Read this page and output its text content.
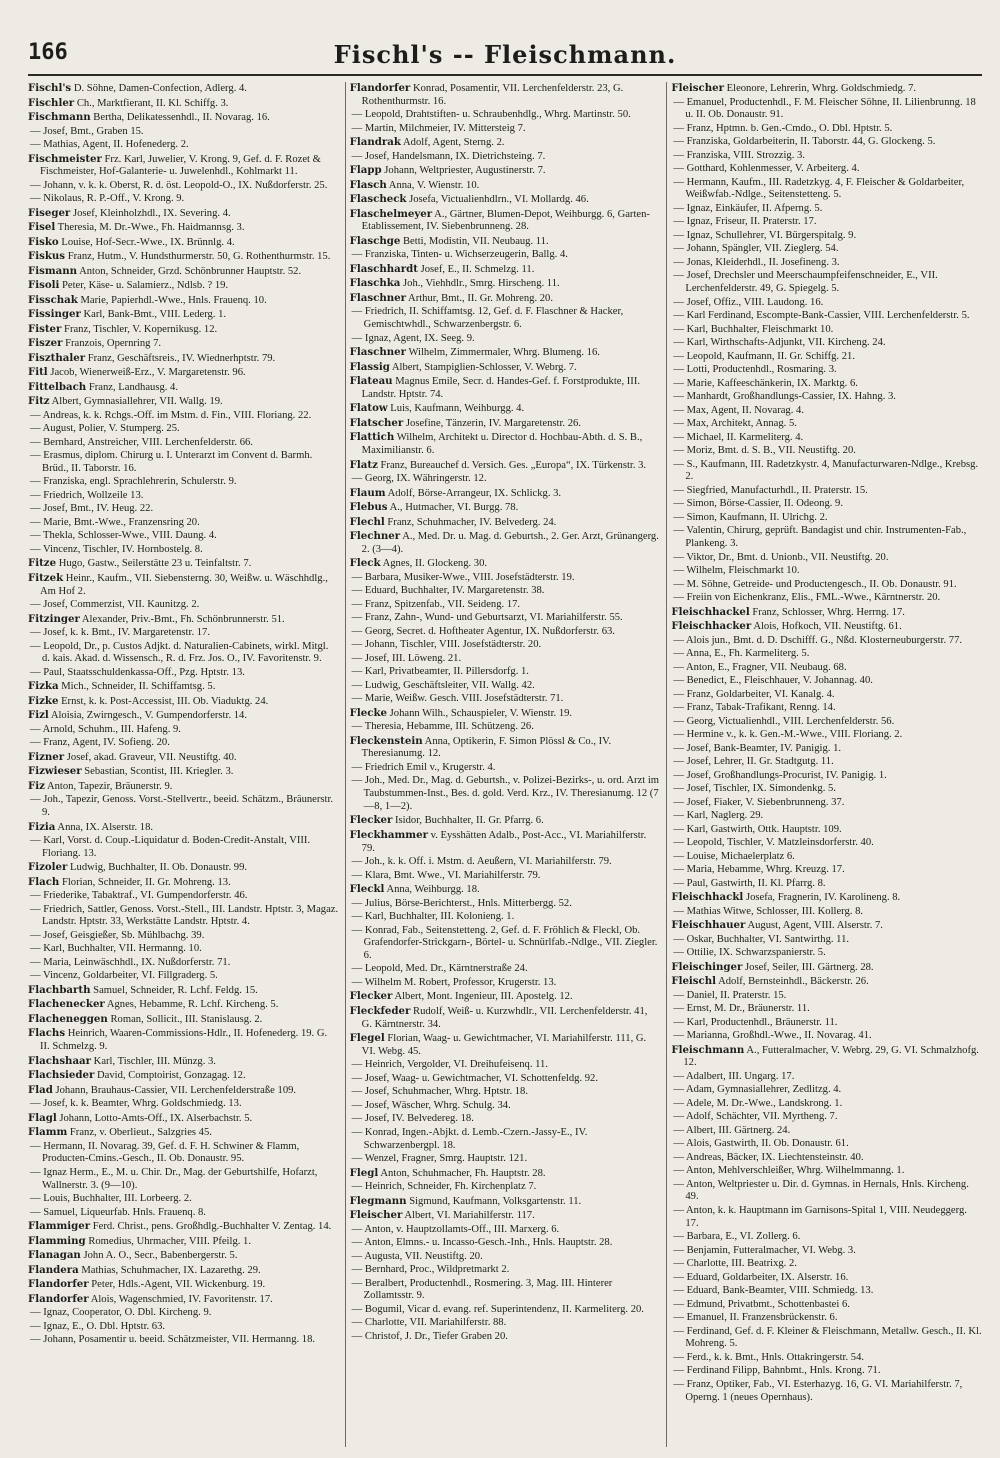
166	Fischl's -- Fleischmann.

Fischl's D. Söhne, Damen-Confection, Adlerg. 4.

Fischler Ch., Marktfierant, II. Kl. Schiffg. 3.

Fischmann Bertha, Delikatessenhdl., II. Novarag. 16.

— Josef, Bmt., Graben 15.

— Mathias, Agent, II. Hofenederg. 2.

Fischmeister Frz. Karl, Juwelier, V. Krong. 9, Gef. d. F. Rozet & Fischmeister, Hof-Galanterie- u. Juwelenhdl., Kohlmarkt 11.

— Johann, v. k. k. Oberst, R. d. öst. Leopold-O., IX. Nußdorferstr. 25.

— Nikolaus, R. P.-Off., V. Krong. 9.

Fiseger Josef, Kleinholzhdl., IX. Severing. 4.

Fisel Theresia, M. Dr.-Wwe., Fh. Haidmannsg. 3.

Fisko Louise, Hof-Secr.-Wwe., IX. Brünnlg. 4.

Fiskus Franz, Hutm., V. Hundsthurmerstr. 50, G. Rothenthurmstr. 15.

Fismann Anton, Schneider, Grzd. Schönbrunner Hauptstr. 52.

Fisoli Peter, Käse- u. Salamierz., Ndlsb. ? 19.

Fisschak Marie, Papierhdl.-Wwe., Hnls. Frauenq. 10.

Fissinger Karl, Bank-Bmt., VIII. Lederg. 1.

Fister Franz, Tischler, V. Kopernikusg. 12.

Fiszer Franzois, Opernring 7.

Fiszthaler Franz, Geschäftsreis., IV. Wiednerhptstr. 79.

Fitl Jacob, Wienerweiß-Erz., V. Margaretenstr. 96.

Fittelbach Franz, Landhausg. 4.

Fitz Albert, Gymnasiallehrer, VII. Wallg. 19.

— Andreas, k. k. Rchgs.-Off. im Mstm. d. Fin., VIII. Floriang. 22.

— August, Polier, V. Stumperg. 25.

— Bernhard, Anstreicher, VIII. Lerchenfelderstr. 66.

— Erasmus, diplom. Chirurg u. I. Unterarzt im Convent d. Barmh. Brüd., II. Taborstr. 16.

— Franziska, engl. Sprachlehrerin, Schulerstr. 9.

— Friedrich, Wollzeile 13.

— Josef, Bmt., IV. Heug. 22.

— Marie, Bmt.-Wwe., Franzensring 20.

— Thekla, Schlosser-Wwe., VIII. Daung. 4.

— Vincenz, Tischler, IV. Hornbostelg. 8.

Fitze Hugo, Gastw., Seilerstätte 23 u. Teinfaltstr. 7.

Fitzek Heinr., Kaufm., VII. Siebensterng. 30, Weißw. u. Wäschhdlg., Am Hof 2.

— Josef, Commerzist, VII. Kaunitzg. 2.

Fitzinger Alexander, Priv.-Bmt., Fh. Schönbrunnerstr. 51.

— Josef, k. k. Bmt., IV. Margaretenstr. 17.

— Leopold, Dr., p. Custos Adjkt. d. Naturalien-Cabinets, wirkl. Mitgl. d. kais. Akad. d. Wissensch., R. d. Frz. Jos. O., IV. Favoritenstr. 9.

— Paul, Staatsschuldenkassa-Off., Pzg. Hptstr. 13.

Fizka Mich., Schneider, II. Schiffamtsg. 5.

Fizke Ernst, k. k. Post-Accessist, III. Ob. Viaduktg. 24.

Fizl Aloisia, Zwirngesch., V. Gumpendorferstr. 14.

— Arnold, Schuhm., III. Hafeng. 9.

— Franz, Agent, IV. Sofieng. 20.

Fizner Josef, akad. Graveur, VII. Neustiftg. 40.

Fizwieser Sebastian, Scontist, III. Kriegler. 3.

Fiz Anton, Tapezir, Bräunerstr. 9.

— Joh., Tapezir, Genoss. Vorst.-Stellvertr., beeid. Schätzm., Bräunerstr. 9.

Fizia Anna, IX. Alserstr. 18.

— Karl, Vorst. d. Coup.-Liquidatur d. Boden-Credit-Anstalt, VIII. Floriang. 13.

Fizoler Ludwig, Buchhalter, II. Ob. Donaustr. 99.

Flach Florian, Schneider, II. Gr. Mohreng. 13.

— Friederike, Tabaktraf., VI. Gumpendorferstr. 46.

— Friedrich, Sattler, Genoss. Vorst.-Stell., III. Landstr. Hptstr. 3, Magaz. Landstr. Hptstr. 33, Werkstätte Landstr. Hptstr. 4.

— Josef, Geisgießer, Sb. Mühlbachg. 39.

— Karl, Buchhalter, VII. Hermanng. 10.

— Maria, Leinwäschhdl., IX. Nußdorferstr. 71.

— Vincenz, Goldarbeiter, VI. Fillgraderg. 5.

Flachbarth Samuel, Schneider, R. Lchf. Feldg. 15.

Flachenecker Agnes, Hebamme, R. Lchf. Kircheng. 5.

Flacheneggen Roman, Sollicit., III. Stanislausg. 2.

Flachs Heinrich, Waaren-Commissions-Hdlr., II. Hofenederg. 19. G. II. Schmelzg. 9.

Flachshaar Karl, Tischler, III. Münzg. 3.

Flachsieder David, Comptoirist, Gonzagag. 12.

Flad Johann, Brauhaus-Cassier, VII. Lerchenfelderstraße 109.

— Josef, k. k. Beamter, Whrg. Goldschmiedg. 13.

Flagl Johann, Lotto-Amts-Off., IX. Alserbachstr. 5.

Flamm Franz, v. Oberlieut., Salzgries 45.

— Hermann, II. Novarag. 39, Gef. d. F. H. Schwiner & Flamm, Producten-Cmins.-Gesch., II. Ob. Donaustr. 95.

— Ignaz Herm., E., M. u. Chir. Dr., Mag. der Geburtshilfe, Hofarzt, Wallnerstr. 3. (9—10).

— Louis, Buchhalter, III. Lorbeerg. 2.

— Samuel, Liqueurfab. Hnls. Frauenq. 8.

Flammiger Ferd. Christ., pens. Großhdlg.-Buchhalter V. Zentag. 14.

Flamming Romedius, Uhrmacher, VIII. Pfeilg. 1.

Flanagan John A. O., Secr., Babenbergerstr. 5.

Flandera Mathias, Schuhmacher, IX. Lazarethg. 29.

Flandorfer Peter, Hdls.-Agent, VII. Wickenburg. 19.

Flandorfer Alois, Wagenschmied, IV. Favoritenstr. 17.

— Ignaz, Cooperator, O. Dbl. Kircheng. 9.

— Ignaz, E., O. Dbl. Hptstr. 63.

— Johann, Posamentir u. beeid. Schätzmeister, VII. Hermanng. 18.

Flandorfer Konrad, Posamentir, VII. Lerchenfelderstr. 23, G. Rothenthurmstr. 16.

— Leopold, Drahtstiften- u. Schraubenhdlg., Whrg. Martinstr. 50.

— Martin, Milchmeier, IV. Mittersteig 7.

Flandrak Adolf, Agent, Sterng. 2.

— Josef, Handelsmann, IX. Dietrichsteing. 7.

Flapp Johann, Weltpriester, Augustinerstr. 7.

Flasch Anna, V. Wienstr. 10.

Flascheck Josefa, Victualienhdlrn., VI. Mollardg. 46.

Flaschelmeyer A., Gärtner, Blumen-Depot, Weihburgg. 6, Garten-Etablissement, IV. Siebenbrunneng. 28.

Flaschge Betti, Modistin, VII. Neubaug. 11.

— Franziska, Tinten- u. Wichserzeugerin, Ballg. 4.

Flaschhardt Josef, E., II. Schmelzg. 11.

Flaschka Joh., Viehhdlr., Smrg. Hirscheng. 11.

Flaschner Arthur, Bmt., II. Gr. Mohreng. 20.

— Friedrich, II. Schiffamtsg. 12, Gef. d. F. Flaschner & Hacker, Gemischtwhdl., Schwarzenbergstr. 6.

— Ignaz, Agent, IX. Seeg. 9.

Flaschner Wilhelm, Zimmermaler, Whrg. Blumeng. 16.

Flassig Albert, Stampiglien-Schlosser, V. Webrg. 7.

Flateau Magnus Emile, Secr. d. Handes-Gef. f. Forstprodukte, III. Landstr. Hptstr. 74.

Flatow Luis, Kaufmann, Weihburgg. 4.

Flatscher Josefine, Tänzerin, IV. Margaretenstr. 26.

Flattich Wilhelm, Architekt u. Director d. Hochbau-Abth. d. S. B., Maximilianstr. 6.

Flatz Franz, Bureauchef d. Versich. Ges. „Europa“, IX. Türkenstr. 3.

— Georg, IX. Währingerstr. 12.

Flaum Adolf, Börse-Arrangeur, IX. Schlickg. 3.

Flebus A., Hutmacher, VI. Burgg. 78.

Flechl Franz, Schuhmacher, IV. Belvederg. 24.

Flechner A., Med. Dr. u. Mag. d. Geburtsh., 2. Ger. Arzt, Grünangerg. 2. (3—4).

Fleck Agnes, II. Glockeng. 30.

— Barbara, Musiker-Wwe., VIII. Josefstädterstr. 19.

— Eduard, Buchhalter, IV. Margaretenstr. 38.

— Franz, Spitzenfab., VII. Seideng. 17.

— Franz, Zahn-, Wund- und Geburtsarzt, VI. Mariahilferstr. 55.

— Georg, Secret. d. Hoftheater Agentur, IX. Nußdorferstr. 63.

— Johann, Tischler, VIII. Josefstädterstr. 20.

— Josef, III. Löweng. 21.

— Karl, Privatbeamter, II. Pillersdorfg. 1.

— Ludwig, Geschäftsleiter, VII. Wallg. 42.

— Marie, Weißw. Gesch. VIII. Josefstädterstr. 71.

Flecke Johann Wilh., Schauspieler, V. Wienstr. 19.

— Theresia, Hebamme, III. Schützeng. 26.

Fleckenstein Anna, Optikerin, F. Simon Plössl & Co., IV. Theresianumg. 12.

— Friedrich Emil v., Krugerstr. 4.

— Joh., Med. Dr., Mag. d. Geburtsh., v. Polizei-Bezirks-, u. ord. Arzt im Taubstummen-Inst., Bes. d. gold. Verd. Krz., IV. Theresianumg. 12 (7—8, 1—2).

Flecker Isidor, Buchhalter, II. Gr. Pfarrg. 6.

Fleckhammer v. Eysshätten Adalb., Post-Acc., VI. Mariahilferstr. 79.

— Joh., k. k. Off. i. Mstm. d. Aeußern, VI. Mariahilferstr. 79.

— Klara, Bmt. Wwe., VI. Mariahilferstr. 79.

Fleckl Anna, Weihburgg. 18.

— Julius, Börse-Berichterst., Hnls. Mitterbergg. 52.

— Karl, Buchhalter, III. Kolonieng. 1.

— Konrad, Fab., Seitenstetteng. 2, Gef. d. F. Fröhlich & Fleckl, Ob. Grafendorfer-Strickgarn-, Börtel- u. Schnürlfab.-Ndlge., VII. Ziegler. 6.

— Leopold, Med. Dr., Kärntnerstraße 24.

— Wilhelm M. Robert, Professor, Krugerstr. 13.

Flecker Albert, Mont. Ingenieur, III. Apostelg. 12.

Fleckfeder Rudolf, Weiß- u. Kurzwhdlr., VII. Lerchenfelderstr. 41, G. Kärntnerstr. 34.

Flegel Florian, Waag- u. Gewichtmacher, VI. Mariahilferstr. 111, G. VI. Webg. 45.

— Heinrich, Vergolder, VI. Dreihufeisenq. 11.

— Josef, Waag- u. Gewichtmacher, VI. Schottenfeldg. 92.

— Josef, Schuhmacher, Whrg. Hptstr. 18.

— Josef, Wäscher, Whrg. Schulg. 34.

— Josef, IV. Belvedereg. 18.

— Konrad, Ingen.-Abjkt. d. Lemb.-Czern.-Jassy-E., IV. Schwarzenbergpl. 18.

— Wenzel, Fragner, Smrg. Hauptstr. 121.

Flegl Anton, Schuhmacher, Fh. Hauptstr. 28.

— Heinrich, Schneider, Fh. Kirchenplatz 7.

Flegmann Sigmund, Kaufmann, Volksgartenstr. 11.

Fleischer Albert, VI. Mariahilferstr. 117.

— Anton, v. Hauptzollamts-Off., III. Marxerg. 6.

— Anton, Elmns.- u. Incasso-Gesch.-Inh., Hnls. Hauptstr. 28.

— Augusta, VII. Neustiftg. 20.

— Bernhard, Proc., Wildpretmarkt 2.

— Beralbert, Productenhdl., Rosmering. 3, Mag. III. Hinterer Zollamtsstr. 9.

— Bogumil, Vicar d. evang. ref. Superintendenz, II. Karmeliterg. 20.

— Charlotte, VII. Mariahilferstr. 88.

— Christof, J. Dr., Tiefer Graben 20.

Fleischer Eleonore, Lehrerin, Whrg. Goldschmiedg. 7.

— Emanuel, Productenhdl., F. M. Fleischer Söhne, II. Lilienbrunng. 18 u. II. Ob. Donaustr. 91.

— Franz, Hptmn. b. Gen.-Cmdo., O. Dbl. Hptstr. 5.

— Franziska, Goldarbeiterin, II. Taborstr. 44, G. Glockeng. 5.

— Franziska, VIII. Strozzig. 3.

— Gotthard, Kohlenmesser, V. Arbeiterg. 4.

— Hermann, Kaufm., III. Radetzkyg. 4, F. Fleischer & Goldarbeiter, Weißwfab.-Ndlge., Seitenstetteng. 5.

— Ignaz, Einkäufer, II. Afperng. 5.

— Ignaz, Friseur, II. Praterstr. 17.

— Ignaz, Schullehrer, VI. Bürgerspitalg. 9.

— Johann, Spängler, VII. Zieglerg. 54.

— Jonas, Kleiderhdl., II. Josefineng. 3.

— Josef, Drechsler und Meerschaumpfeifenschneider, E., VII. Lerchenfelderstr. 49, G. Spiegelg. 5.

— Josef, Offiz., VIII. Laudong. 16.

— Karl Ferdinand, Escompte-Bank-Cassier, VIII. Lerchenfelderstr. 5.

— Karl, Buchhalter, Fleischmarkt 10.

— Karl, Wirthschafts-Adjunkt, VII. Kircheng. 24.

— Leopold, Kaufmann, II. Gr. Schiffg. 21.

— Lotti, Productenhdl., Rosmaring. 3.

— Marie, Kaffeeschänkerin, IX. Marktg. 6.

— Manhardt, Großhandlungs-Cassier, IX. Hahng. 3.

— Max, Agent, II. Novarag. 4.

— Max, Architekt, Annag. 5.

— Michael, II. Karmeliterg. 4.

— Moriz, Bmt. d. S. B., VII. Neustiftg. 20.

— S., Kaufmann, III. Radetzkystr. 4, Manufacturwaren-Ndlge., Krebsg. 2.

— Siegfried, Manufacturhdl., II. Praterstr. 15.

— Simon, Börse-Cassier, II. Odeong. 9.

— Simon, Kaufmann, II. Ulrichg. 2.

— Valentin, Chirurg, geprüft. Bandagist und chir. Instrumenten-Fab., Plankeng. 3.

— Viktor, Dr., Bmt. d. Unionb., VII. Neustiftg. 20.

— Wilhelm, Fleischmarkt 10.

— M. Söhne, Getreide- und Productengesch., II. Ob. Donaustr. 91.

— Freiin von Eichenkranz, Elis., FML.-Wwe., Kärntnerstr. 20.

Fleischhackel Franz, Schlosser, Whrg. Herrng. 17.

Fleischhacker Alois, Hofkoch, VII. Neustiftg. 61.

— Alois jun., Bmt. d. D. Dschifff. G., Nßd. Klosterneuburgerstr. 77.

— Anna, E., Fh. Karmeliterg. 5.

— Anton, E., Fragner, VII. Neubaug. 68.

— Benedict, E., Fleischhauer, V. Johannag. 40.

— Franz, Goldarbeiter, VI. Kanalg. 4.

— Franz, Tabak-Trafikant, Renng. 14.

— Georg, Victualienhdl., VIII. Lerchenfelderstr. 56.

— Hermine v., k. k. Gen.-M.-Wwe., VIII. Floriang. 2.

— Josef, Bank-Beamter, IV. Panigig. 1.

— Josef, Lehrer, II. Gr. Stadtgutg. 11.

— Josef, Großhandlungs-Procurist, IV. Panigig. 1.

— Josef, Tischler, IX. Simondenkg. 5.

— Josef, Fiaker, V. Siebenbrunneng. 37.

— Karl, Naglerg. 29.

— Karl, Gastwirth, Ottk. Hauptstr. 109.

— Leopold, Tischler, V. Matzleinsdorferstr. 40.

— Louise, Michaelerplatz 6.

— Maria, Hebamme, Whrg. Kreuzg. 17.

— Paul, Gastwirth, II. Kl. Pfarrg. 8.

Fleischhackl Josefa, Fragnerin, IV. Karolineng. 8.

— Mathias Witwe, Schlosser, III. Kollerg. 8.

Fleischhauer August, Agent, VIII. Alserstr. 7.

— Oskar, Buchhalter, VI. Santwirthg. 11.

— Ottilie, IX. Schwarzspanierstr. 5.

Fleischinger Josef, Seiler, III. Gärtnerg. 28.

Fleischl Adolf, Bernsteinhdl., Bäckerstr. 26.

— Daniel, II. Praterstr. 15.

— Ernst, M. Dr., Bräunerstr. 11.

— Karl, Productenhdl., Bräunerstr. 11.

— Marianna, Großhdl.-Wwe., II. Novarag. 41.

Fleischmann A., Futteralmacher, V. Webrg. 29, G. VI. Schmalzhofg. 12.

— Adalbert, III. Ungarg. 17.

— Adam, Gymnasiallehrer, Zedlitzg. 4.

— Adele, M. Dr.-Wwe., Landskrong. 1.

— Adolf, Schächter, VII. Myrtheng. 7.

— Albert, III. Gärtnerg. 24.

— Alois, Gastwirth, II. Ob. Donaustr. 61.

— Andreas, Bäcker, IX. Liechtensteinstr. 40.

— Anton, Mehlverschleißer, Whrg. Wilhelmmanng. 1.

— Anton, Weltpriester u. Dir. d. Gymnas. in Hernals, Hnls. Kircheng. 49.

— Anton, k. k. Hauptmann im Garnisons-Spital 1, VIII. Neudeggerg. 17.

— Barbara, E., VI. Zollerg. 6.

— Benjamin, Futteralmacher, VI. Webg. 3.

— Charlotte, III. Beatrixg. 2.

— Eduard, Goldarbeiter, IX. Alserstr. 16.

— Eduard, Bank-Beamter, VIII. Schmiedg. 13.

— Edmund, Privatbmt., Schottenbastei 6.

— Emanuel, II. Franzensbrückenstr. 6.

— Ferdinand, Gef. d. F. Kleiner & Fleischmann, Metallw. Gesch., II. Kl. Mohreng. 5.

— Ferd., k. k. Bmt., Hnls. Ottakringerstr. 54.

— Ferdinand Filipp, Bahnbmt., Hnls. Krong. 71.

— Franz, Optiker, Fab., VI. Esterhazyg. 16, G. VI. Mariahilferstr. 7, Operng. 1 (neues Opernhaus).
